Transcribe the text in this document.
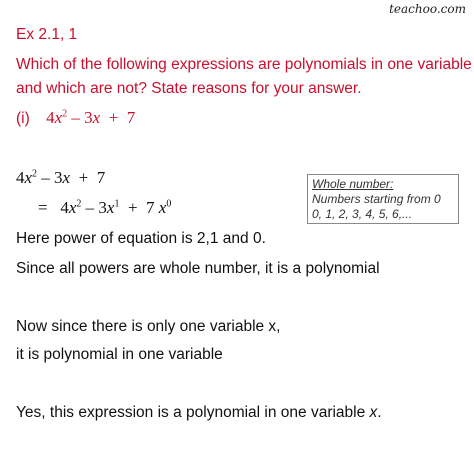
teachoo.com
Ex 2.1, 1
Which of the following expressions are polynomials in one variable
and which are not? State reasons for your answer.
(i) $4x^2 - 3x + 7$
$4x^2 - 3x + 7$
= $4x^2 - 3x^1 + 7$ $x^0$
Whole number:
Numbers starting from 0
0, 1, 2, 3, 4, 5, 6,...
Here power of equation is 2,1 and 0.
Since all powers are whole number, it is a polynomial
Now since there is only one variable x,
it is polynomial in one variable
Yes, this expression is a polynomial in one variable x.
